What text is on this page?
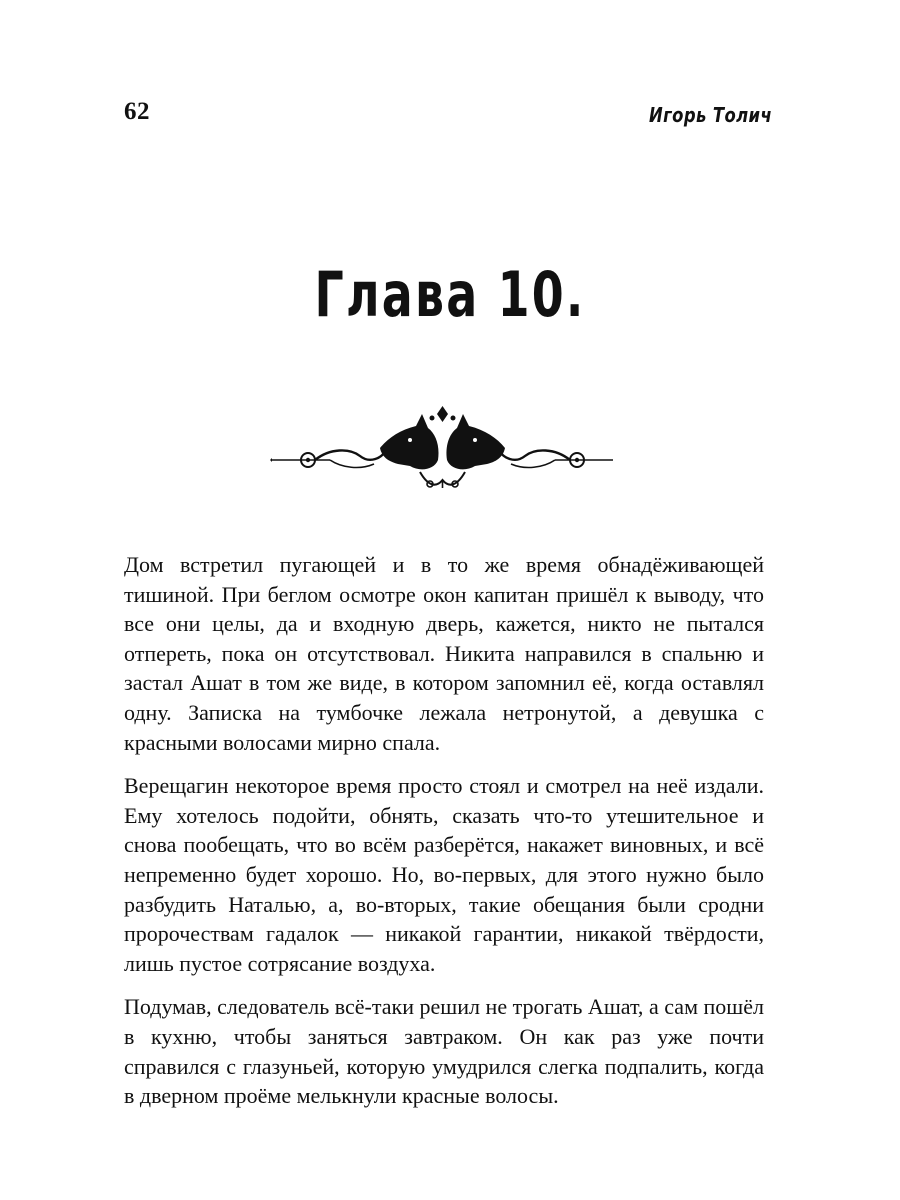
62	Игорь Толич
Глава 10.

Дом встретил пугающей и в то же время обнадёживающей тишиной. При беглом осмотре окон капитан пришёл к выводу, что все они целы, да и входную дверь, кажется, никто не пытался отпереть, пока он отсутствовал. Никита направился в спальню и застал Ашат в том же виде, в котором запомнил её, когда оставлял одну. Записка на тумбочке лежала нетронутой, а девушка с красными волосами мирно спала.

Верещагин некоторое время просто стоял и смотрел на неё издали. Ему хотелось подойти, обнять, сказать что-то утешительное и снова пообещать, что во всём разберётся, накажет виновных, и всё непременно будет хорошо. Но, во-первых, для этого нужно было разбудить Наталью, а, во-вторых, такие обещания были сродни пророчествам гадалок — никакой гарантии, никакой твёрдости, лишь пустое сотрясание воздуха.

Подумав, следователь всё-таки решил не трогать Ашат, а сам пошёл в кухню, чтобы заняться завтраком. Он как раз уже почти справился с глазуньей, которую умудрился слегка подпалить, когда в дверном проёме мелькнули красные волосы.
